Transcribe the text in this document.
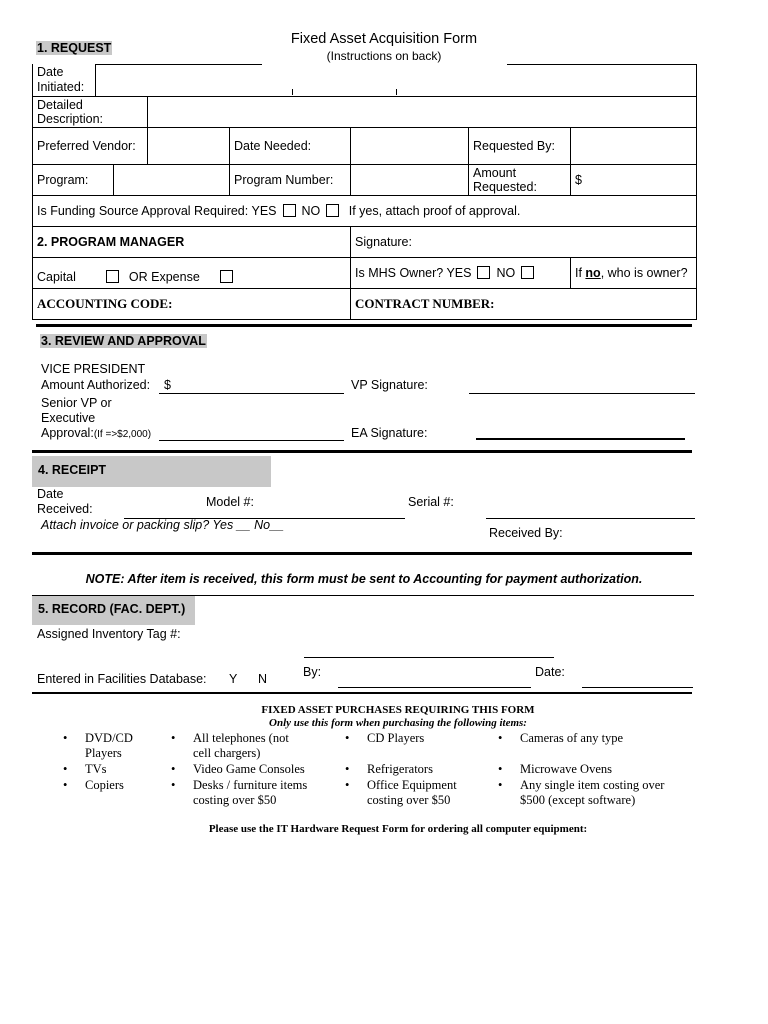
Fixed Asset Acquisition Form
(Instructions on back)
1. REQUEST
Date Initiated:							
Detailed Description:							
Preferred Vendor:				Date Needed:		Requested By:	
Program:				Program Number:		Amount Requested:	$
Is Funding Source Approval Required: YES NO If yes, attach proof of approval.							
2. PROGRAM MANAGER					Signature:		
Capital OR Expense					Is MHS Owner? YES NO		If no, who is owner?
ACCOUNTING CODE:					CONTRACT NUMBER:		
3. REVIEW AND APPROVAL
VICE PRESIDENT
Amount Authorized: $	VP Signature:
Senior VP or
Executive
Approval:(If =>$2,000)	EA Signature:
4. RECEIPT
Date
Received:	Model #:	Serial #:
Attach invoice or packing slip? Yes __ No__
Received By:
NOTE: After item is received, this form must be sent to Accounting for payment authorization.
5. RECORD (FAC. DEPT.)
Assigned Inventory Tag #:
Entered in Facilities Database: Y N	By:	Date:
FIXED ASSET PURCHASES REQUIRING THIS FORM
Only use this form when purchasing the following items:
• DVD/CD
Players
• TVs
• Copiers
• All telephones (not
cell chargers)
• Video Game Consoles
• Desks / furniture items
costing over $50
• CD Players
• Refrigerators
• Office Equipment
costing over $50
• Cameras of any type
• Microwave Ovens
• Any single item costing over
$500 (except software)
Please use the IT Hardware Request Form for ordering all computer equipment:
